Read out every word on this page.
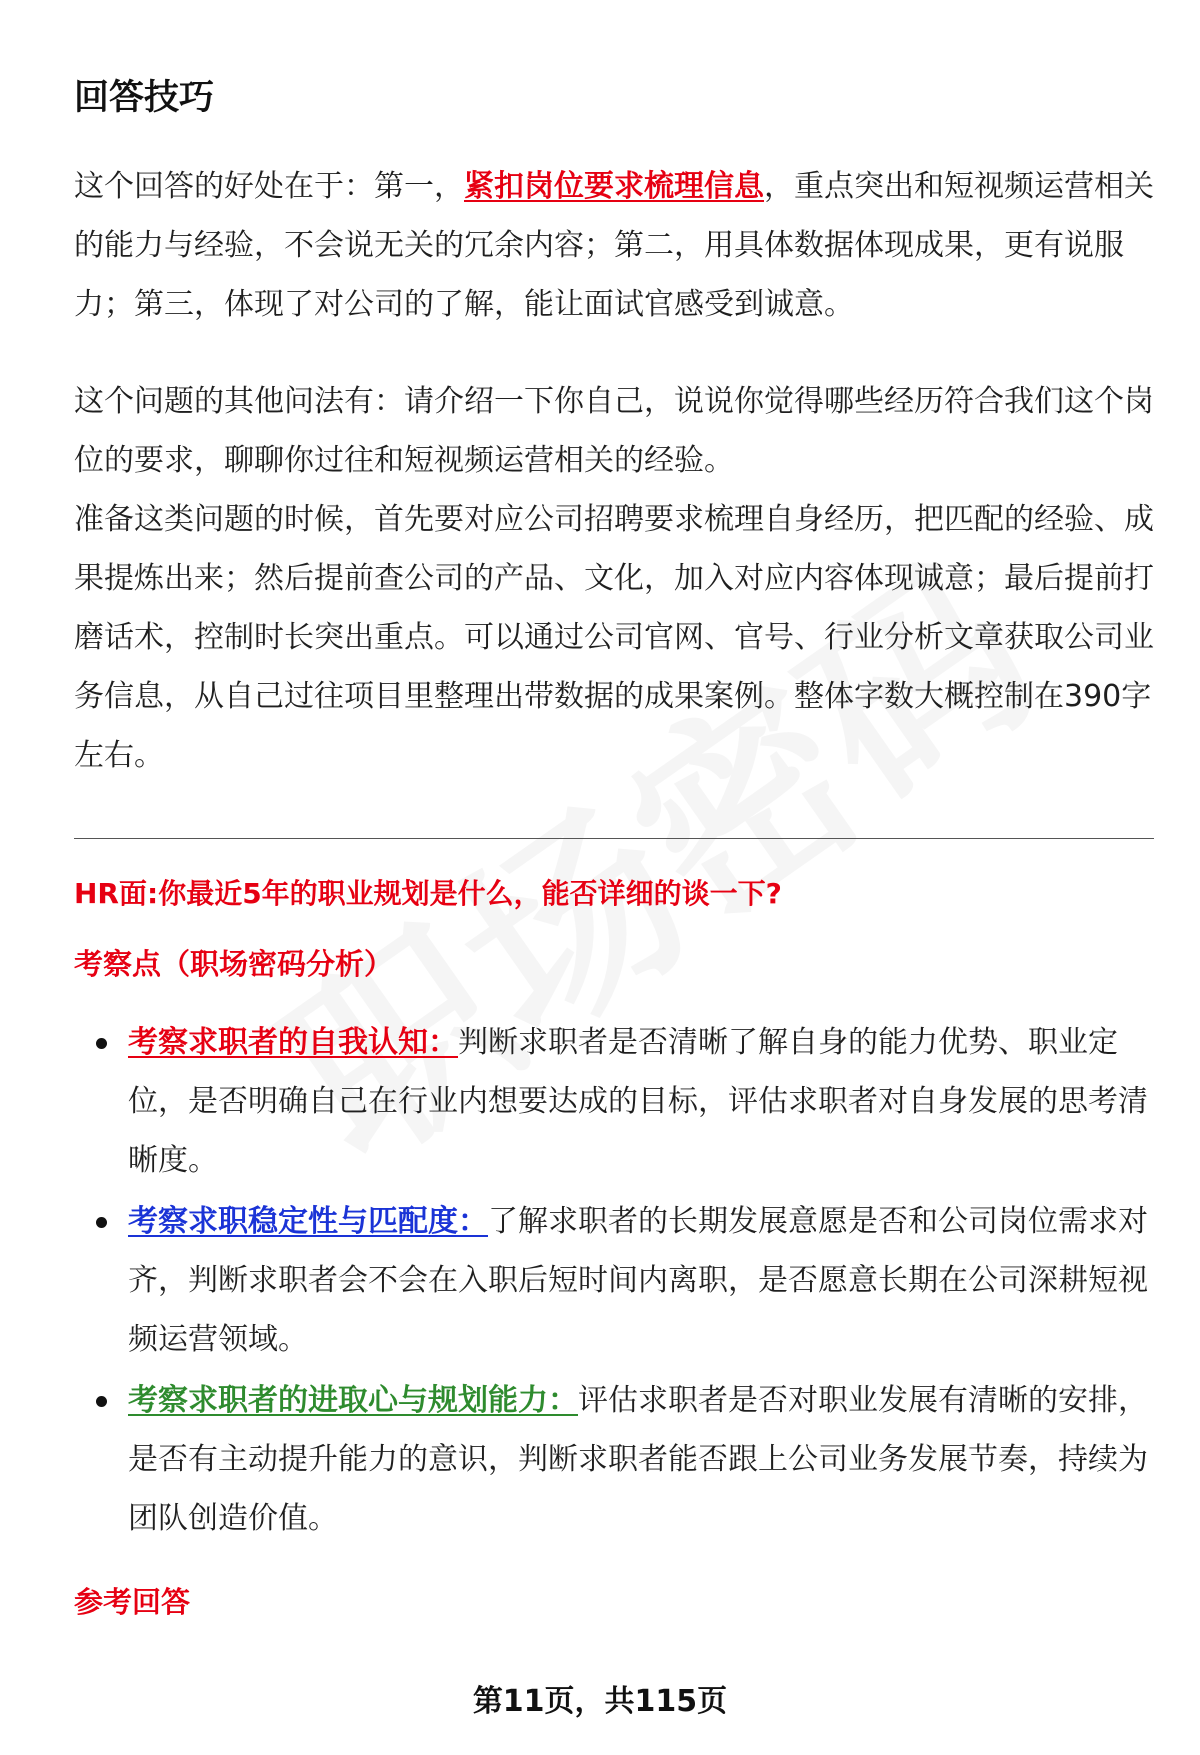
回答技巧

这个回答的好处在于：第一，紧扣岗位要求梳理信息，重点突出和短视频运营相关的能力与经验，不会说无关的冗余内容；第二，用具体数据体现成果，更有说服力；第三，体现了对公司的了解，能让面试官感受到诚意。

这个问题的其他问法有：请介绍一下你自己，说说你觉得哪些经历符合我们这个岗位的要求，聊聊你过往和短视频运营相关的经验。

准备这类问题的时候，首先要对应公司招聘要求梳理自身经历，把匹配的经验、成果提炼出来；然后提前查公司的产品、文化，加入对应内容体现诚意；最后提前打磨话术，控制时长突出重点。可以通过公司官网、官号、行业分析文章获取公司业务信息，从自己过往项目里整理出带数据的成果案例。整体字数大概控制在390字左右。

HR面:你最近5年的职业规划是什么，能否详细的谈一下?
考察点（职场密码分析）
考察求职者的自我认知：判断求职者是否清晰了解自身的能力优势、职业定位，是否明确自己在行业内想要达成的目标，评估求职者对自身发展的思考清晰度。
考察求职稳定性与匹配度：了解求职者的长期发展意愿是否和公司岗位需求对齐，判断求职者会不会在入职后短时间内离职，是否愿意长期在公司深耕短视频运营领域。
考察求职者的进取心与规划能力：评估求职者是否对职业发展有清晰的安排，是否有主动提升能力的意识，判断求职者能否跟上公司业务发展节奏，持续为团队创造价值。
参考回答
第11页，共115页
